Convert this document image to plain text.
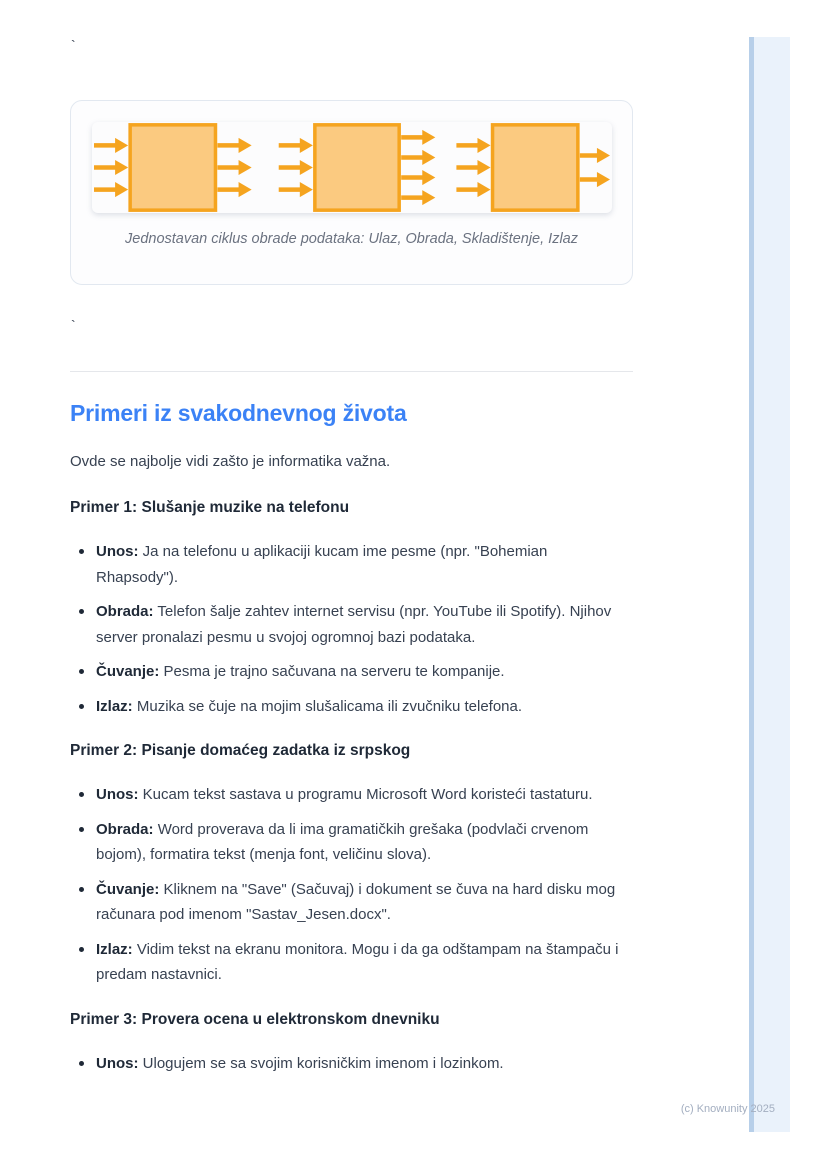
`
Jednostavan ciklus obrade podataka: Ulaz, Obrada, Skladištenje, Izlaz
`
Primeri iz svakodnevnog života

Ovde se najbolje vidi zašto je informatika važna.

Primer 1: Slušanje muzike na telefonu
Unos: Ja na telefonu u aplikaciji kucam ime pesme (npr. "Bohemian Rhapsody").
Obrada: Telefon šalje zahtev internet servisu (npr. YouTube ili Spotify). Njihov server pronalazi pesmu u svojoj ogromnoj bazi podataka.
Čuvanje: Pesma je trajno sačuvana na serveru te kompanije.
Izlaz: Muzika se čuje na mojim slušalicama ili zvučniku telefona.
Primer 2: Pisanje domaćeg zadatka iz srpskog
Unos: Kucam tekst sastava u programu Microsoft Word koristeći tastaturu.
Obrada: Word proverava da li ima gramatičkih grešaka (podvlači crvenom bojom), formatira tekst (menja font, veličinu slova).
Čuvanje: Kliknem na "Save" (Sačuvaj) i dokument se čuva na hard disku mog računara pod imenom "Sastav_Jesen.docx".
Izlaz: Vidim tekst na ekranu monitora. Mogu i da ga odštampam na štampaču i predam nastavnici.
Primer 3: Provera ocena u elektronskom dnevniku
Unos: Ulogujem se sa svojim korisničkim imenom i lozinkom.
(c) Knowunity 2025
